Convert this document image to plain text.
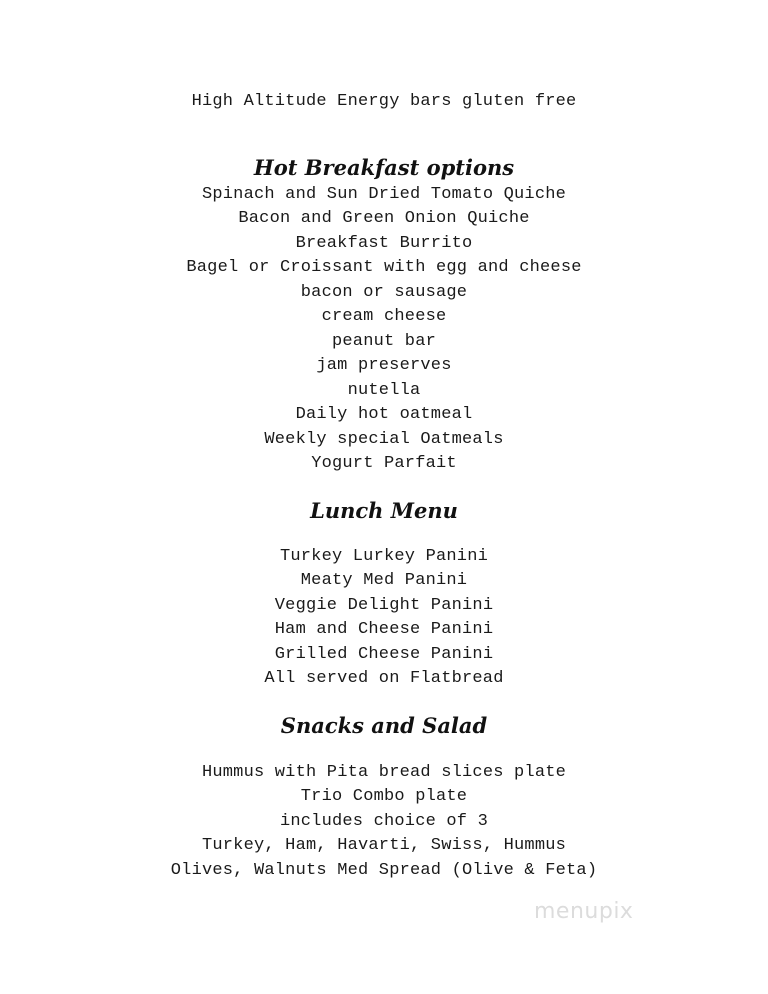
High Altitude Energy bars gluten free
Hot Breakfast options
Spinach and Sun Dried Tomato Quiche
Bacon and Green Onion Quiche
Breakfast Burrito
Bagel or Croissant with egg and cheese
bacon or sausage
cream cheese
peanut bar
jam preserves
nutella
Daily hot oatmeal
Weekly special Oatmeals
Yogurt Parfait
Lunch Menu
Turkey Lurkey Panini
Meaty Med Panini
Veggie Delight Panini
Ham and Cheese Panini
Grilled Cheese Panini
All served on Flatbread
Snacks and Salad
Hummus with Pita bread slices plate
Trio Combo plate
includes choice of 3
Turkey, Ham, Havarti, Swiss, Hummus
Olives, Walnuts Med Spread (Olive & Feta)
menupix
